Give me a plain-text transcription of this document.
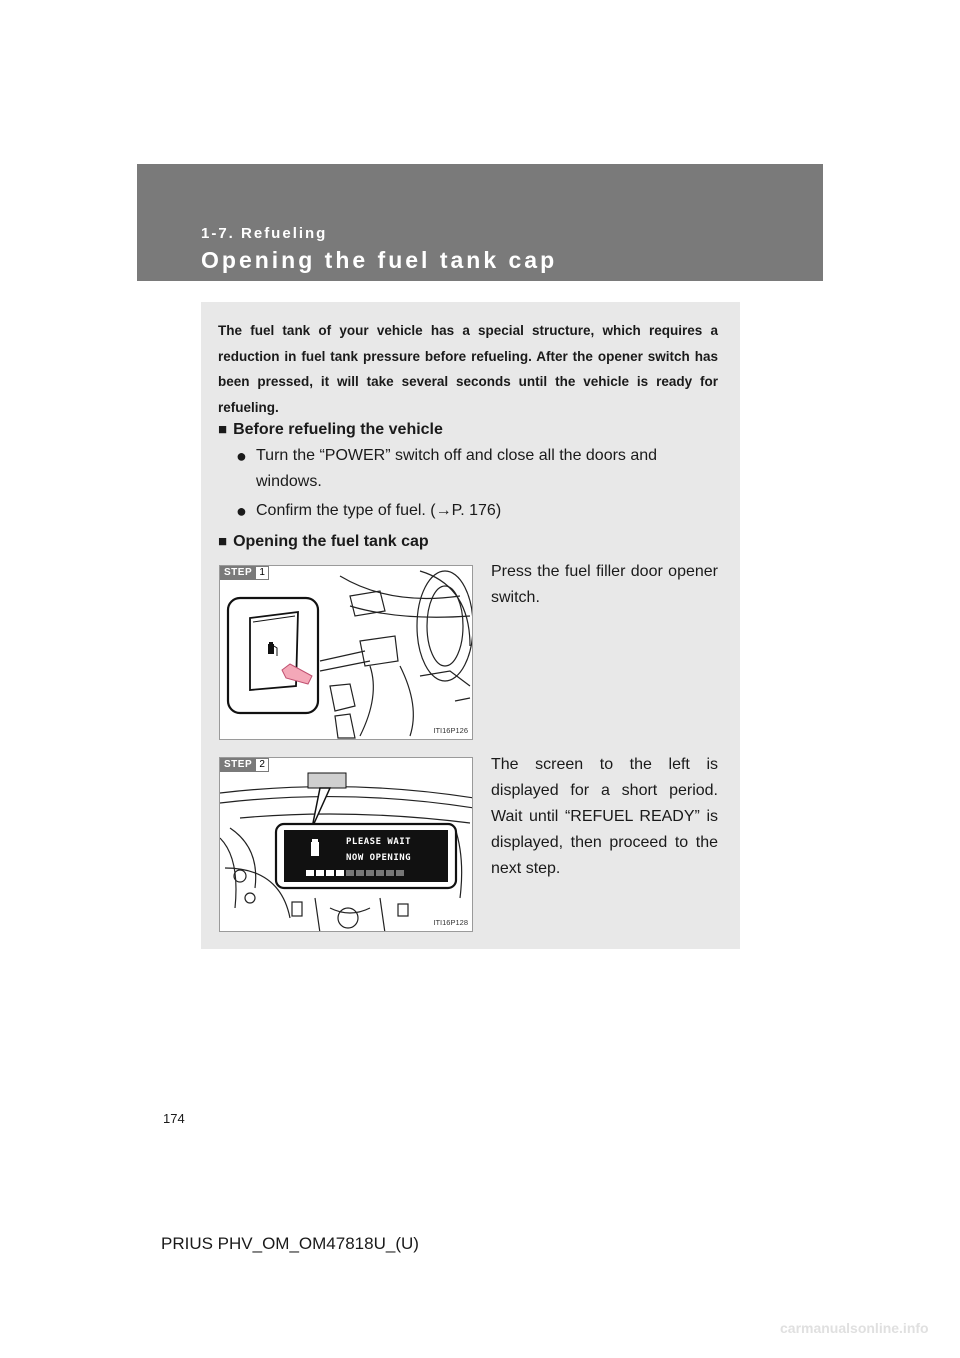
1-7. Refueling
Opening the fuel tank cap
The fuel tank of your vehicle has a special structure, which requires a reduction in fuel tank pressure before refueling. After the opener switch has been pressed, it will take several seconds until the vehicle is ready for refueling.
■ Before refueling the vehicle
● Turn the “POWER” switch off and close all the doors and windows.
● Confirm the type of fuel. (→P. 176)
■ Opening the fuel tank cap
STEP 1
ITI16P126
Press the fuel filler door opener switch.
STEP 2
PLEASE WAIT
NOW OPENING
ITI16P128
The screen to the left is displayed for a short period. Wait until “REFUEL READY” is displayed, then proceed to the next step.
174
PRIUS PHV_OM_OM47818U_(U)
carmanualsonline.info
